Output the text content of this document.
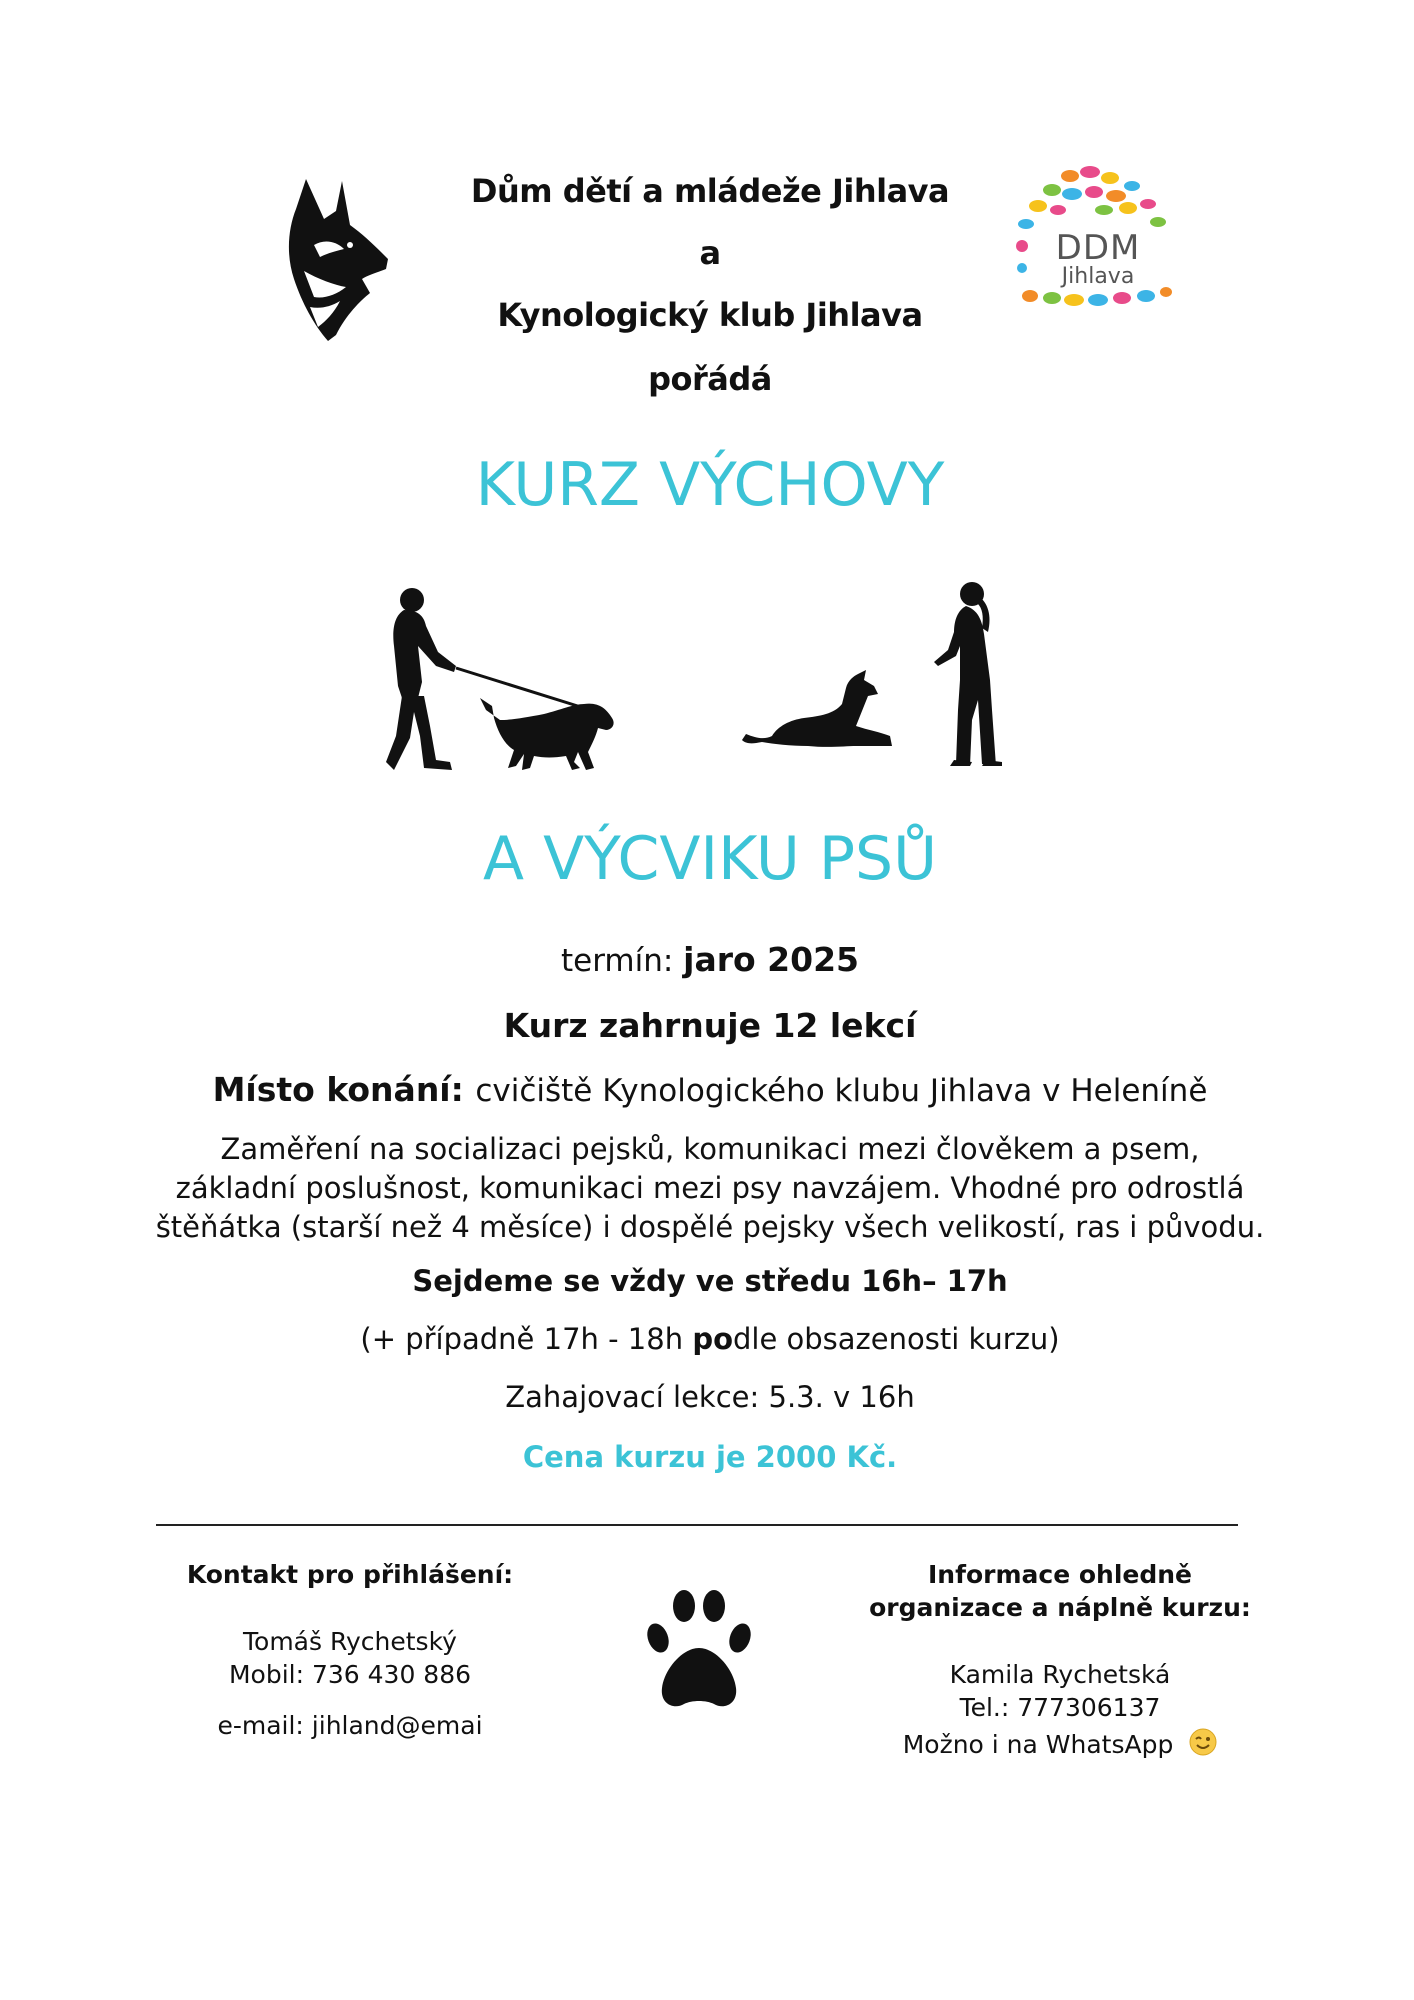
Dům dětí a mládeže Jihlava
a
Kynologický klub Jihlava
pořádá
DDM
Jihlava
KURZ VÝCHOVY
A VÝCVIKU PSŮ
termín: jaro 2025
Kurz zahrnuje 12 lekcí
Místo konání: cvičiště Kynologického klubu Jihlava v Heleníně
Zaměření na socializaci pejsků, komunikaci mezi člověkem a psem,
základní poslušnost, komunikaci mezi psy navzájem. Vhodné pro odrostlá
štěňátka (starší než 4 měsíce) i dospělé pejsky všech velikostí, ras i původu.
Sejdeme se vždy ve středu 16h– 17h
(+ případně 17h - 18h podle obsazenosti kurzu)
Zahajovací lekce: 5.3. v 16h
Cena kurzu je 2000 Kč.
Kontakt pro přihlášení:
Tomáš Rychetský
Mobil: 736 430 886
e-mail: jihland@emai
Informace ohledně
organizace a náplně kurzu:
Kamila Rychetská
Tel.: 777306137
Možno i na WhatsApp
